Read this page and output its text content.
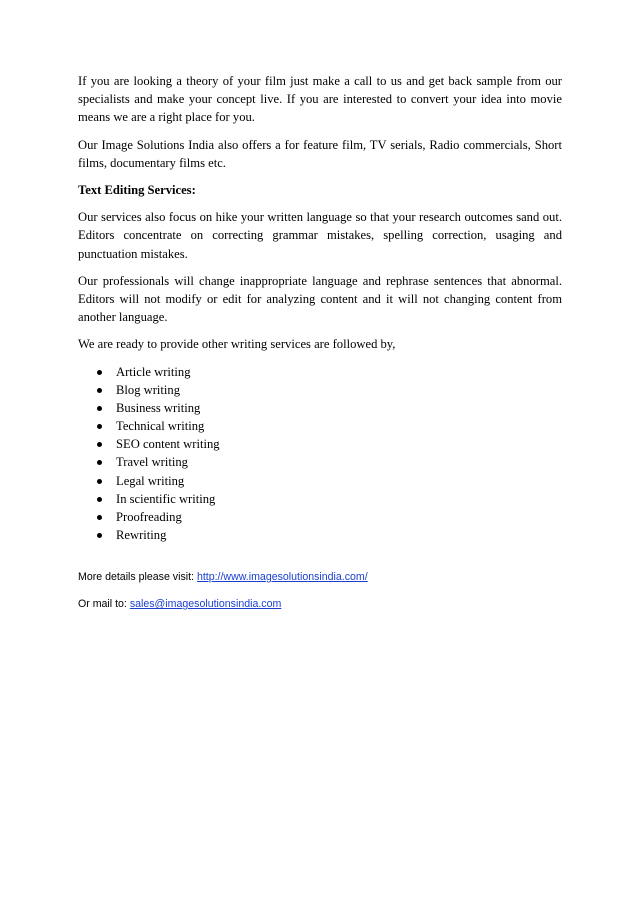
If you are looking a theory of your film just make a call to us and get back sample from our specialists and make your concept live. If you are interested to convert your idea into movie means we are a right place for you.

Our Image Solutions India also offers a for feature film, TV serials, Radio commercials, Short films, documentary films etc.

Text Editing Services:

Our services also focus on hike your written language so that your research outcomes sand out. Editors concentrate on correcting grammar mistakes, spelling correction, usaging and punctuation mistakes.

Our professionals will change inappropriate language and rephrase sentences that abnormal. Editors will not modify or edit for analyzing content and it will not changing content from another language.

We are ready to provide other writing services are followed by,

Article writing
Blog writing
Business writing
Technical writing
SEO content writing
Travel writing
Legal writing
In scientific writing
Proofreading
Rewriting
More details please visit: http://www.imagesolutionsindia.com/
Or mail to: sales@imagesolutionsindia.com
